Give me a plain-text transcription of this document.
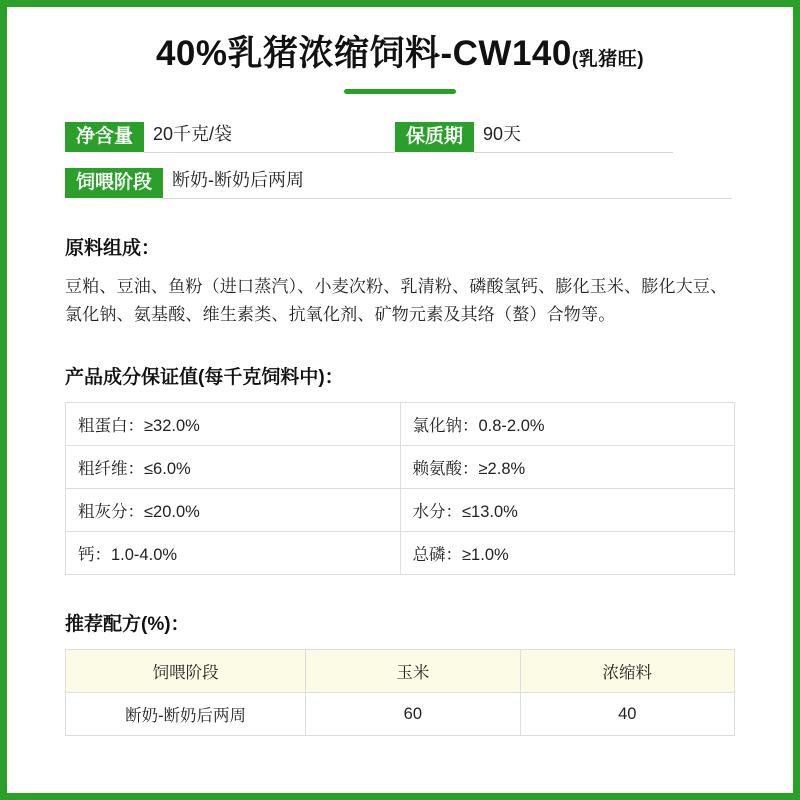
40%乳猪浓缩饲料-CW140(乳猪旺)
净含量	20千克/袋	保质期	90天
饲喂阶段	断奶-断奶后两周
原料组成：
豆粕、豆油、鱼粉（进口蒸汽）、小麦次粉、乳清粉、磷酸氢钙、膨化玉米、膨化大豆、氯化钠、氨基酸、维生素类、抗氧化剂、矿物元素及其络（螯）合物等。
产品成分保证值(每千克饲料中)：
粗蛋白：≥32.0%	氯化钠：0.8-2.0%
粗纤维：≤6.0%	赖氨酸：≥2.8%
粗灰分：≤20.0%	水分：≤13.0%
钙：1.0-4.0%	总磷：≥1.0%
推荐配方(%)：
饲喂阶段	玉米	浓缩料
断奶-断奶后两周	60	40
